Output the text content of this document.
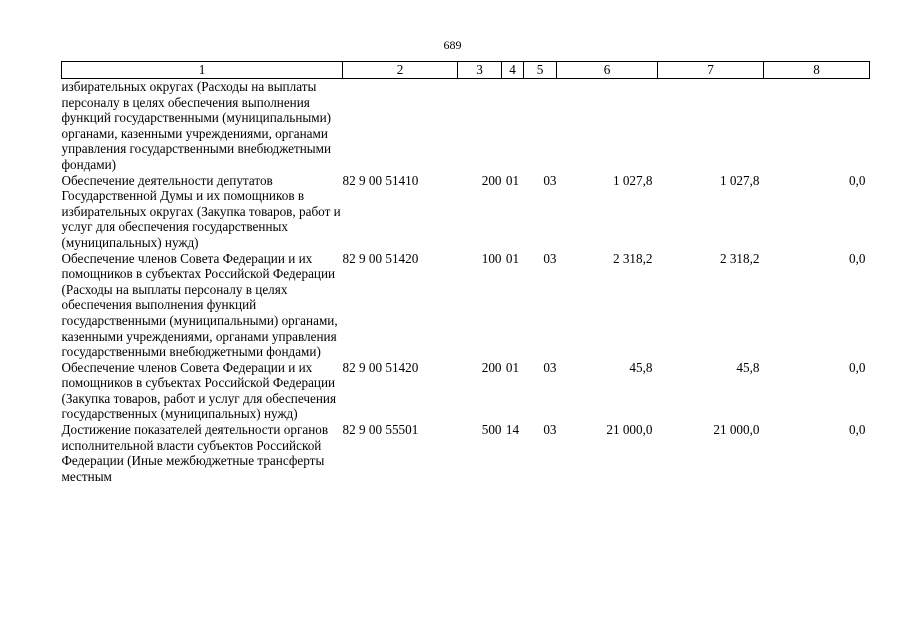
689
1	2	3	4	5	6	7	8
избирательных округах (Расходы на выплаты персоналу в целях обеспечения выполнения функций государственными (муниципальными) органами, казенными учреждениями, органами управления государственными внебюджетными фондами)							
Обеспечение деятельности депутатов Государственной Думы и их помощников в избирательных округах (Закупка товаров, работ и услуг для обеспечения государственных (муниципальных) нужд)	82 9 00 51410	200	01	03	1 027,8	1 027,8	0,0
Обеспечение членов Совета Федерации и их помощников в субъектах Российской Федерации (Расходы на выплаты персоналу в целях обеспечения выполнения функций государственными (муниципальными) органами, казенными учреждениями, органами управления государственными внебюджетными фондами)	82 9 00 51420	100	01	03	2 318,2	2 318,2	0,0
Обеспечение членов Совета Федерации и их помощников в субъектах Российской Федерации (Закупка товаров, работ и услуг для обеспечения государственных (муниципальных) нужд)	82 9 00 51420	200	01	03	45,8	45,8	0,0
Достижение показателей деятельности органов исполнительной власти субъектов Российской Федерации (Иные межбюджетные трансферты местным	82 9 00 55501	500	14	03	21 000,0	21 000,0	0,0
